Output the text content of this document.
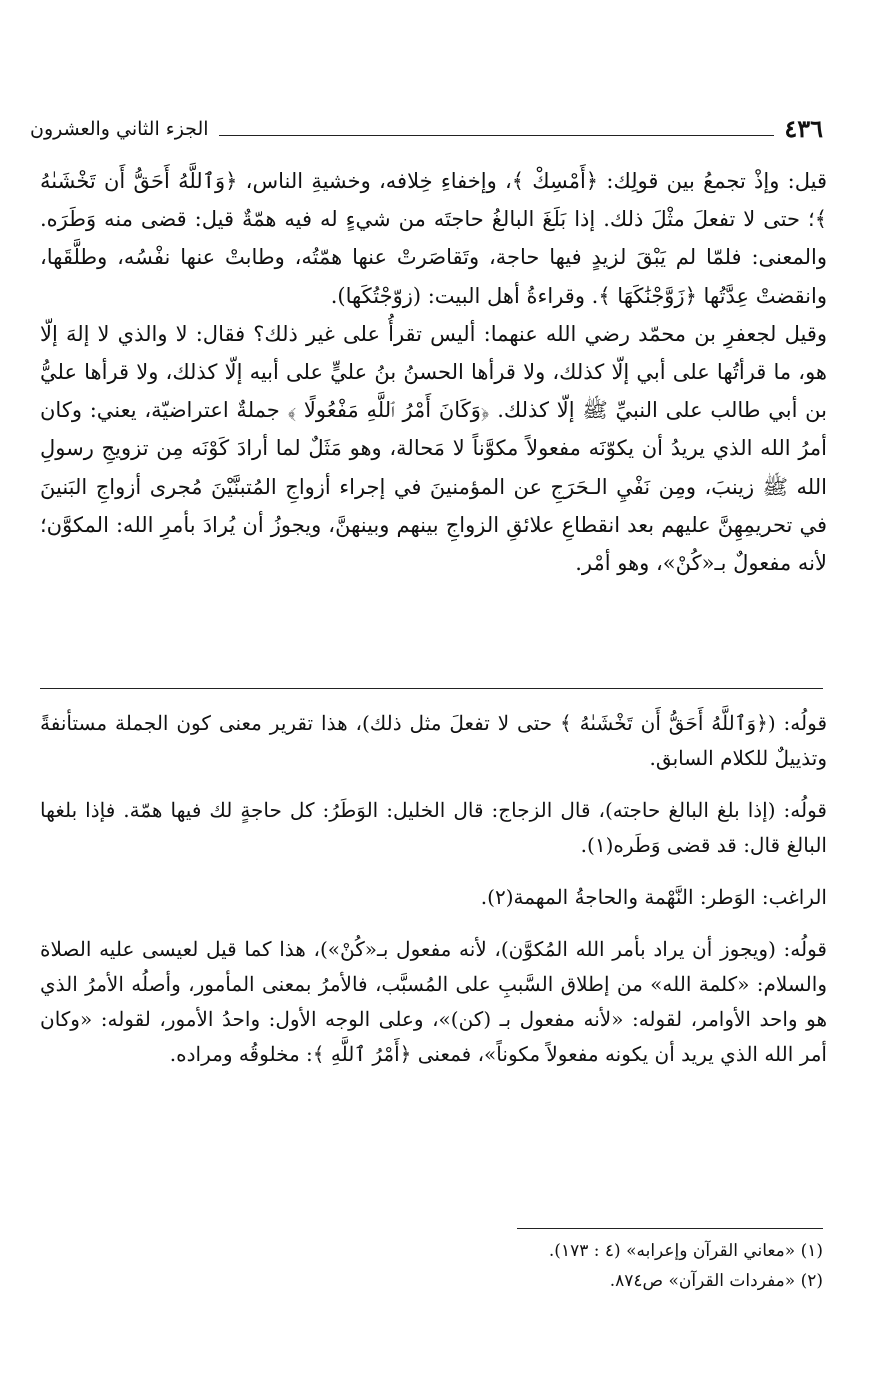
٤٣٦
الجزء الثاني والعشرون

قيل: وإذْ تجمعُ بين قولِك: ﴿أَمْسِكْ ﴾، وإخفاءِ خِلافه، وخشيةِ الناس، ﴿وَٱللَّهُ أَحَقُّ أَن تَخْشَىٰهُ ﴾؛ حتى لا تفعلَ مثْلَ ذلك. إذا بَلَغَ البالغُ حاجتَه من شيءٍ له فيه همّةٌ قيل: قضى منه وَطَرَه. والمعنى: فلمّا لم يَبْقَ لزيدٍ فيها حاجة، وتَقاصَرتْ عنها همّتُه، وطابتْ عنها نفْسُه، وطلَّقَها، وانقضتْ عِدَّتُها ﴿زَوَّجْنَٰكَهَا ﴾. وقراءةُ أهل البيت: (زوّجْتُكَها).

وقيل لجعفرِ بن محمّد رضي الله عنهما: أليس تقرأُ على غير ذلك؟ فقال: لا والذي لا إلهَ إلّا هو، ما قرأتُها على أبي إلّا كذلك، ولا قرأها الحسنُ بنُ عليٍّ على أبيه إلّا كذلك، ولا قرأها عليُّ بن أبي طالب على النبيِّ ﷺ إلّا كذلك. ﴿وَكَانَ أَمْرُ ٱللَّهِ مَفْعُولًا ﴾ جملةٌ اعتراضيّة، يعني: وكان أمرُ الله الذي يريدُ أن يكوّنَه مفعولاً مكوَّناً لا مَحالة، وهو مَثَلٌ لما أرادَ كَوْنَه مِن تزويجِ رسولِ الله ﷺ زينبَ، ومِن نَفْيِ الـحَرَجِ عن المؤمنينَ في إجراء أزواجِ المُتبنَّيْنَ مُجرى أزواجِ البَنينَ في تحريمِهِنَّ عليهم بعد انقطاعِ علائقِ الزواجِ بينهم وبينهنَّ، ويجوزُ أن يُرادَ بأمرِ الله: المكوَّن؛ لأنه مفعولٌ بـ«كُنْ»، وهو أمْر.

قولُه: (﴿وَٱللَّهُ أَحَقُّ أَن تَخْشَىٰهُ ﴾ حتى لا تفعلَ مثل ذلك)، هذا تقرير معنى كون الجملة مستأنفةً وتذييلٌ للكلام السابق.

قولُه: (إذا بلغ البالغ حاجته)، قال الزجاج: قال الخليل: الوَطَرُ: كل حاجةٍ لك فيها همّة. فإذا بلغها البالغ قال: قد قضى وَطَره(١).

الراغب: الوَطر: النَّهْمة والحاجةُ المهمة(٢).

قولُه: (ويجوز أن يراد بأمر الله المُكوَّن)، لأنه مفعول بـ«كُنْ»)، هذا كما قيل لعيسى عليه الصلاة والسلام: «كلمة الله» من إطلاق السَّببِ على المُسبَّب، فالأمرُ بمعنى المأمور، وأصلُه الأمرُ الذي هو واحد الأوامر، لقوله: «لأنه مفعول بـ (كن)»، وعلى الوجه الأول: واحدُ الأمور، لقوله: «وكان أمر الله الذي يريد أن يكونه مفعولاً مكوناً»، فمعنى ﴿أَمْرُ ٱللَّهِ ﴾: مخلوقُه ومراده.

(١) «معاني القرآن وإعرابه» (٤ : ١٧٣).

(٢) «مفردات القرآن» ص٨٧٤.
